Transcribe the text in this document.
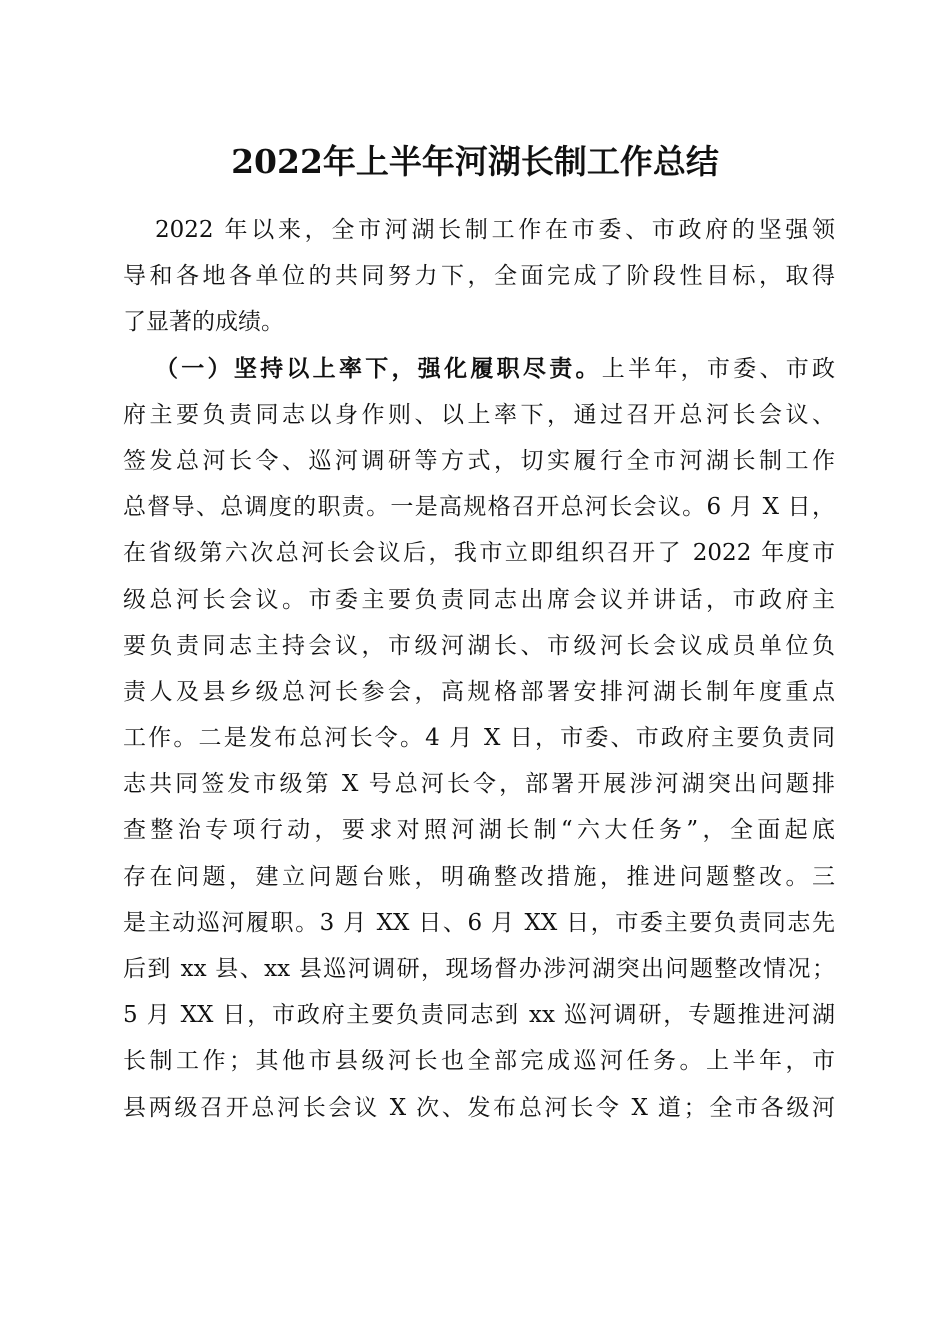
2022年上半年河湖长制工作总结
2022 年以来，全市河湖长制工作在市委、市政府的坚强领
导和各地各单位的共同努力下，全面完成了阶段性目标，取得
了显著的成绩。
（一）坚持以上率下，强化履职尽责。上半年，市委、市政
府主要负责同志以身作则、以上率下，通过召开总河长会议、
签发总河长令、巡河调研等方式，切实履行全市河湖长制工作
总督导、总调度的职责。一是高规格召开总河长会议。6 月 X 日，
在省级第六次总河长会议后，我市立即组织召开了 2022 年度市
级总河长会议。市委主要负责同志出席会议并讲话，市政府主
要负责同志主持会议，市级河湖长、市级河长会议成员单位负
责人及县乡级总河长参会，高规格部署安排河湖长制年度重点
工作。二是发布总河长令。4 月 X 日，市委、市政府主要负责同
志共同签发市级第 X 号总河长令，部署开展涉河湖突出问题排
查整治专项行动，要求对照河湖长制“六大任务”，全面起底
存在问题，建立问题台账，明确整改措施，推进问题整改。三
是主动巡河履职。3 月 XX 日、6 月 XX 日，市委主要负责同志先
后到 xx 县、xx 县巡河调研，现场督办涉河湖突出问题整改情况；
5 月 XX 日，市政府主要负责同志到 xx 巡河调研，专题推进河湖
长制工作；其他市县级河长也全部完成巡河任务。上半年，市
县两级召开总河长会议 X 次、发布总河长令 X 道；全市各级河
